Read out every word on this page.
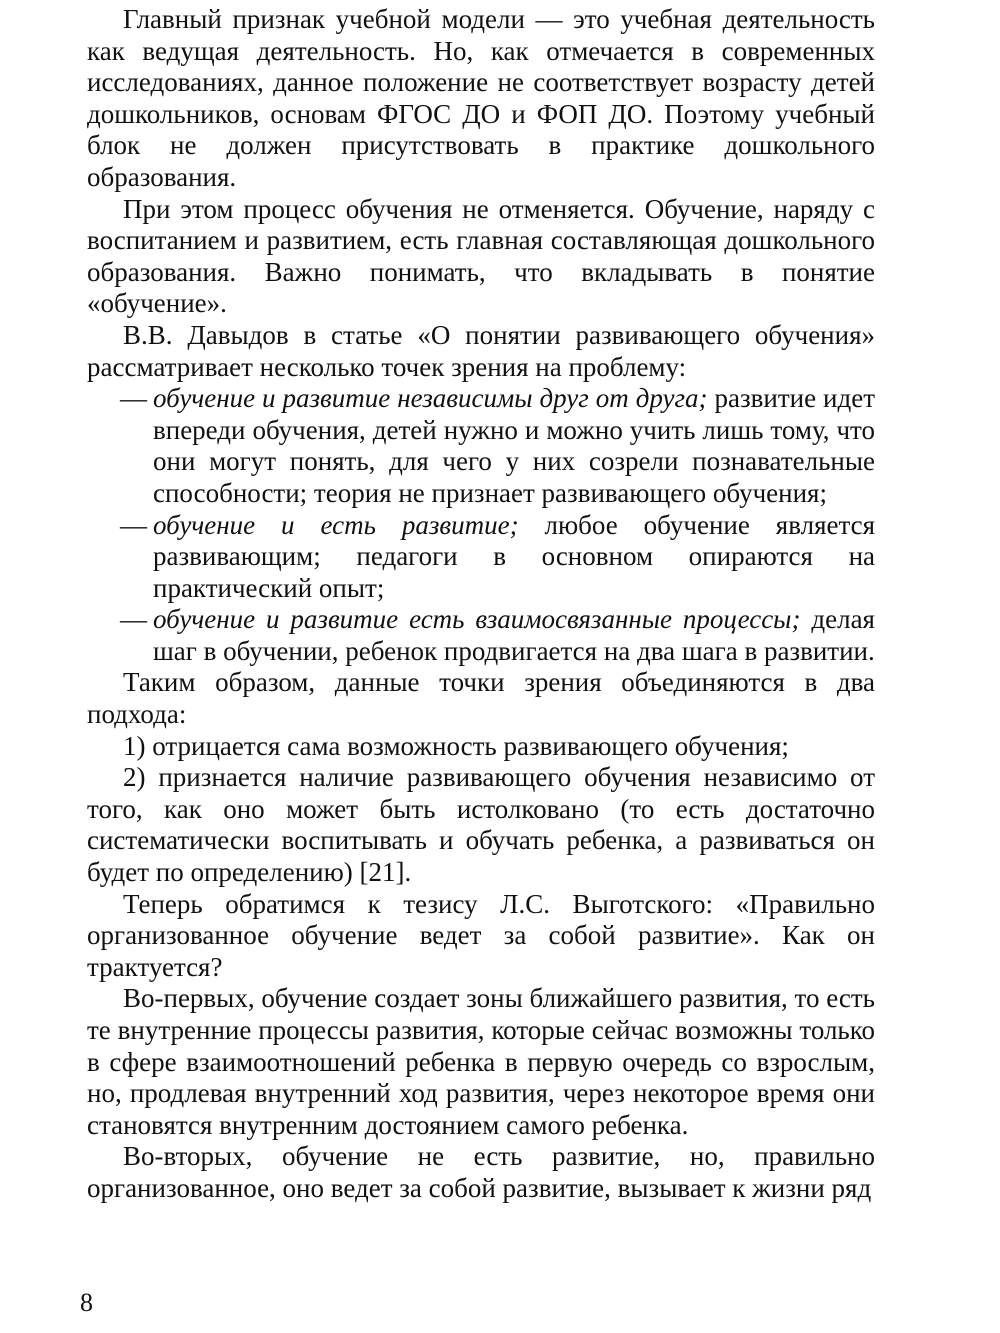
Главный признак учебной модели — это учебная деятельность как ведущая деятельность. Но, как отмечается в современных исследованиях, данное положение не соответствует возрасту детей дошкольников, основам ФГОС ДО и ФОП ДО. Поэтому учебный блок не должен присутствовать в практике дошкольного образования.

При этом процесс обучения не отменяется. Обучение, наряду с воспитанием и развитием, есть главная составляющая дошкольного образования. Важно понимать, что вкладывать в понятие «обучение».

В.В. Давыдов в статье «О понятии развивающего обучения» рассматривает несколько точек зрения на проблему:

— обучение и развитие независимы друг от друга; развитие идет впереди обучения, детей нужно и можно учить лишь тому, что они могут понять, для чего у них созрели познавательные способности; теория не признает развивающего обучения;
— обучение и есть развитие; любое обучение является развивающим; педагоги в основном опираются на практический опыт;
— обучение и развитие есть взаимосвязанные процессы; делая шаг в обучении, ребенок продвигается на два шага в развитии.

Таким образом, данные точки зрения объединяются в два подхода:

1) отрицается сама возможность развивающего обучения;

2) признается наличие развивающего обучения независимо от того, как оно может быть истолковано (то есть достаточно систематически воспитывать и обучать ребенка, а развиваться он будет по определению) [21].

Теперь обратимся к тезису Л.С. Выготского: «Правильно организованное обучение ведет за собой развитие». Как он трактуется?

Во-первых, обучение создает зоны ближайшего развития, то есть те внутренние процессы развития, которые сейчас возможны только в сфере взаимоотношений ребенка в первую очередь со взрослым, но, продлевая внутренний ход развития, через некоторое время они становятся внутренним достоянием самого ребенка.

Во-вторых, обучение не есть развитие, но, правильно организованное, оно ведет за собой развитие, вызывает к жизни ряд

8
